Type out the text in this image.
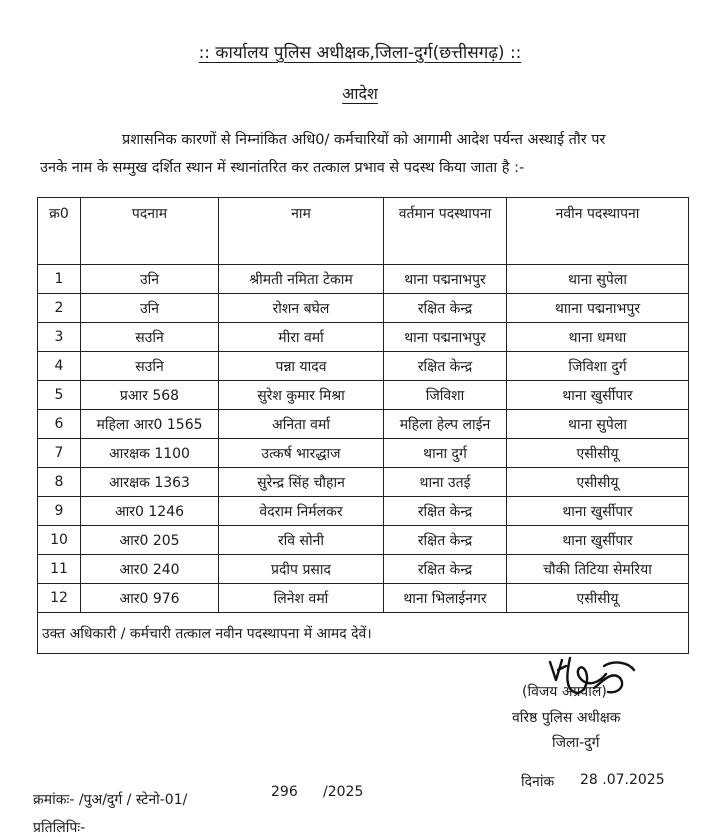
:: कार्यालय पुलिस अधीक्षक,जिला-दुर्ग(छत्तीसगढ़) ::
आदेश

प्रशासनिक कारणों से निम्नांकित अधि0/ कर्मचारियों को आगामी आदेश पर्यन्त अस्थाई तौर पर

उनके नाम के सम्मुख दर्शित स्थान में स्थानांतरित कर तत्काल प्रभाव से पदस्थ किया जाता है :-

क्र0	पदनाम	नाम	वर्तमान पदस्थापना	नवीन पदस्थापना
1	उनि	श्रीमती नमिता टेकाम	थाना पद्मनाभपुर	थाना सुपेला
2	उनि	रोशन बघेल	रक्षित केन्द्र	थााना पद्मनाभपुर
3	सउनि	मीरा वर्मा	थाना पद्मनाभपुर	थाना धमधा
4	सउनि	पन्ना यादव	रक्षित केन्द्र	जिविशा दुर्ग
5	प्रआर 568	सुरेश कुमार मिश्रा	जिविशा	थाना खुर्सीपार
6	महिला आर0 1565	अनिता वर्मा	महिला हेल्प लाईन	थाना सुपेला
7	आरक्षक 1100	उत्कर्ष भारद्धाज	थाना दुर्ग	एसीसीयू
8	आरक्षक 1363	सुरेन्द्र सिंह चौहान	थाना उतई	एसीसीयू
9	आर0 1246	वेदराम निर्मलकर	रक्षित केन्द्र	थाना खुर्सीपार
10	आर0 205	रवि सोनी	रक्षित केन्द्र	थाना खुर्सीपार
11	आर0 240	प्रदीप प्रसाद	रक्षित केन्द्र	चौकी तिटिया सेमरिया
12	आर0 976	लिनेश वर्मा	थाना भिलाईनगर	एसीसीयू
उक्त अधिकारी / कर्मचारी तत्काल नवीन पदस्थापना में आमद देवें।				
(विजय अग्रवाल)
वरिष्ठ पुलिस अधीक्षक
जिला-दुर्ग
दिनांक 28 .07.2025
क्रमांकः- /पुअ/दुर्ग / स्टेनो-01/	296 /2025
प्रतिलिपिः-
